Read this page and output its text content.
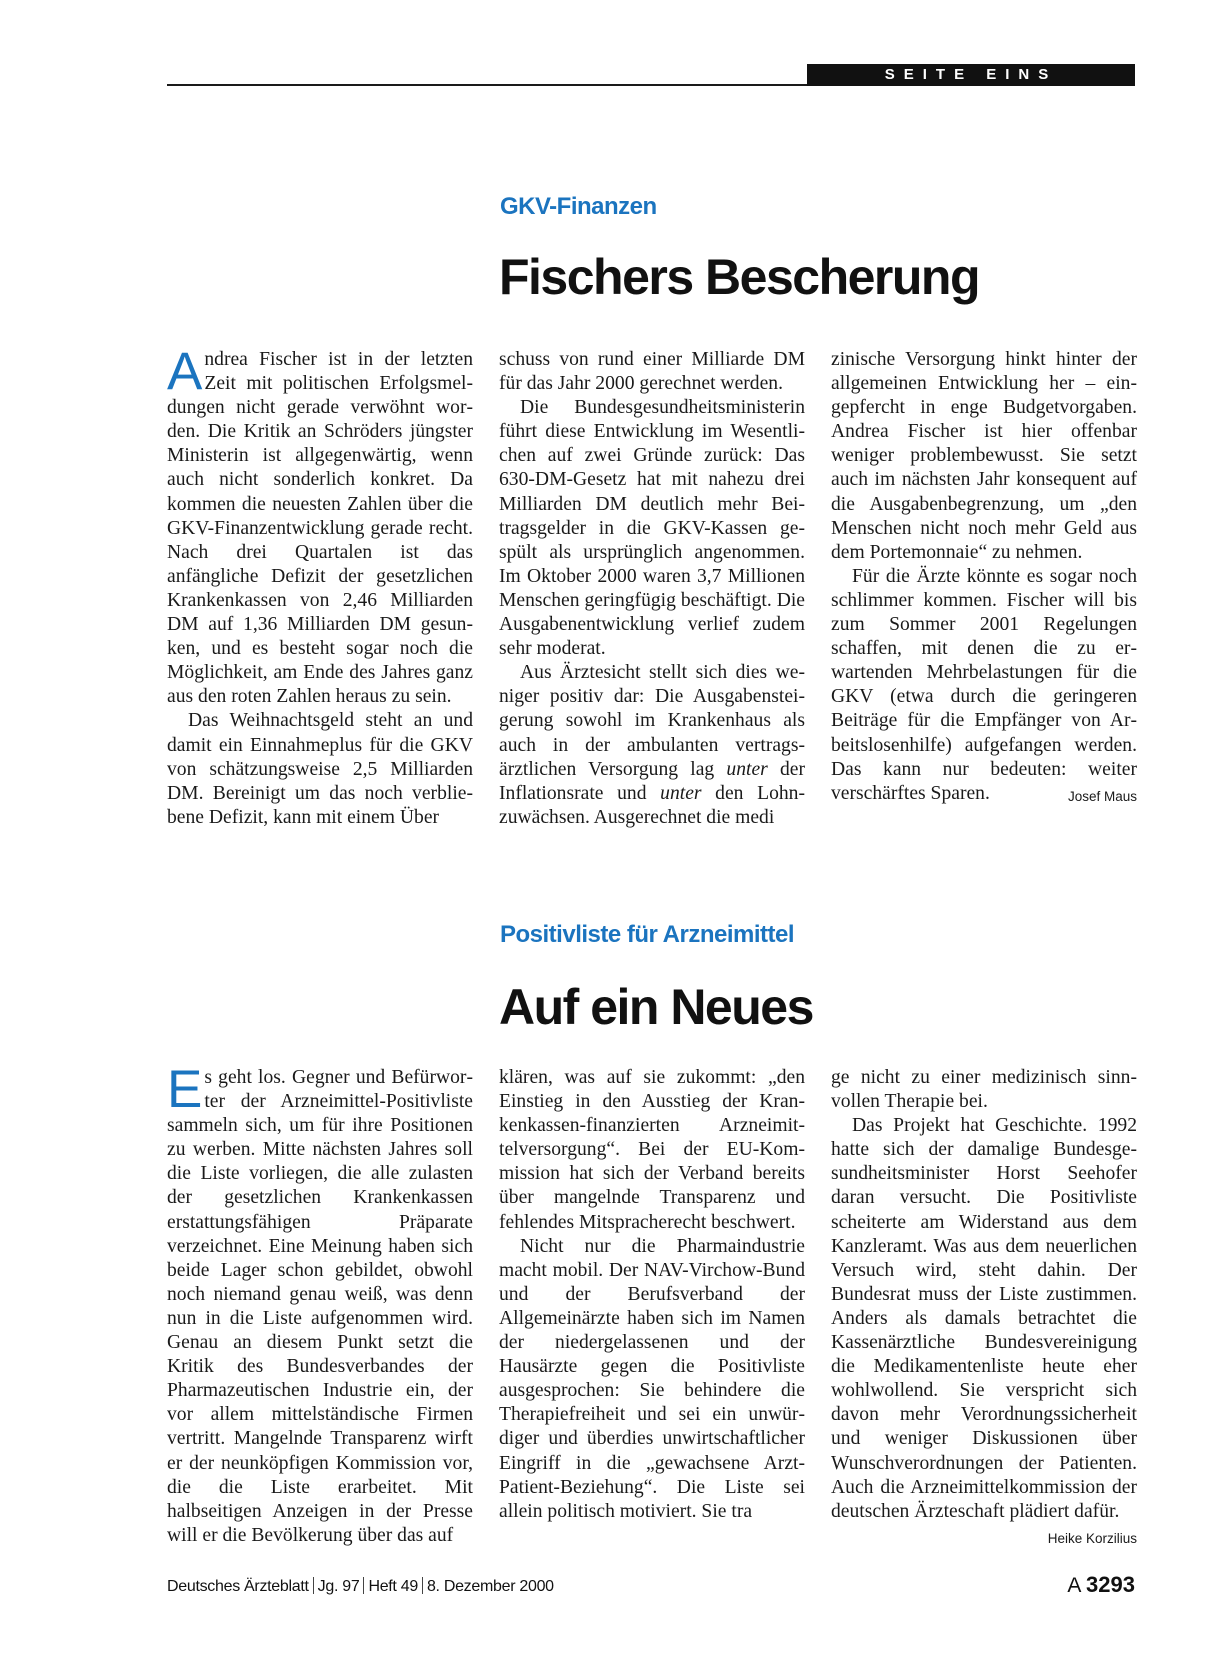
SEITE EINS
GKV-Finanzen
Fischers Bescherung

Andrea Fischer ist in der letzten Zeit mit politischen Erfolgsmeldungen nicht gerade verwöhnt worden. Die Kritik an Schröders jüngster Ministerin ist allgegenwärtig, wenn auch nicht sonderlich konkret. Da kommen die neuesten Zahlen über die GKV-Finanzentwicklung gerade recht. Nach drei Quartalen ist das anfängliche Defizit der gesetzlichen Krankenkassen von 2,46 Milliarden DM auf 1,36 Milliarden DM gesunken, und es besteht sogar noch die Möglichkeit, am Ende des Jahres ganz aus den roten Zahlen heraus zu sein.

Das Weihnachtsgeld steht an und damit ein Einnahmeplus für die GKV von schätzungsweise 2,5 Milliarden DM. Bereinigt um das noch verbliebene Defizit, kann mit einem Über

schuss von rund einer Milliarde DM für das Jahr 2000 gerechnet werden.

Die Bundesgesundheitsministerin führt diese Entwicklung im Wesentlichen auf zwei Gründe zurück: Das 630-DM-Gesetz hat mit nahezu drei Milliarden DM deutlich mehr Beitragsgelder in die GKV-Kassen gespült als ursprünglich angenommen. Im Oktober 2000 waren 3,7 Millionen Menschen geringfügig beschäftigt. Die Ausgabenentwicklung verlief zudem sehr moderat.

Aus Ärztesicht stellt sich dies weniger positiv dar: Die Ausgabensteigerung sowohl im Krankenhaus als auch in der ambulanten vertragsärztlichen Versorgung lag unter der Inflationsrate und unter den Lohnzuwächsen. Ausgerechnet die medi

zinische Versorgung hinkt hinter der allgemeinen Entwicklung her – eingepfercht in enge Budgetvorgaben. Andrea Fischer ist hier offenbar weniger problembewusst. Sie setzt auch im nächsten Jahr konsequent auf die Ausgabenbegrenzung, um „den Menschen nicht noch mehr Geld aus dem Portemonnaie“ zu nehmen.

Für die Ärzte könnte es sogar noch schlimmer kommen. Fischer will bis zum Sommer 2001 Regelungen schaffen, mit denen die zu erwartenden Mehrbelastungen für die GKV (etwa durch die geringeren Beiträge für die Empfänger von Arbeitslosenhilfe) aufgefangen werden. Das kann nur bedeuten: weiter verschärftes Sparen.	Josef Maus

Positivliste für Arzneimittel
Auf ein Neues

Es geht los. Gegner und Befürworter der Arzneimittel-Positivliste sammeln sich, um für ihre Positionen zu werben. Mitte nächsten Jahres soll die Liste vorliegen, die alle zulasten der gesetzlichen Krankenkassen erstattungsfähigen Präparate verzeichnet. Eine Meinung haben sich beide Lager schon gebildet, obwohl noch niemand genau weiß, was denn nun in die Liste aufgenommen wird. Genau an diesem Punkt setzt die Kritik des Bundesverbandes der Pharmazeutischen Industrie ein, der vor allem mittelständische Firmen vertritt. Mangelnde Transparenz wirft er der neunköpfigen Kommission vor, die die Liste erarbeitet. Mit halbseitigen Anzeigen in der Presse will er die Bevölkerung über das auf

klären, was auf sie zukommt: „den Einstieg in den Ausstieg der Krankenkassen-finanzierten Arzneimittelversorgung“. Bei der EU-Kommission hat sich der Verband bereits über mangelnde Transparenz und fehlendes Mitspracherecht beschwert.

Nicht nur die Pharmaindustrie macht mobil. Der NAV-Virchow-Bund und der Berufsverband der Allgemeinärzte haben sich im Namen der niedergelassenen und der Hausärzte gegen die Positivliste ausgesprochen: Sie behindere die Therapiefreiheit und sei ein unwürdiger und überdies unwirtschaftlicher Eingriff in die „gewachsene Arzt-Patient-Beziehung“. Die Liste sei allein politisch motiviert. Sie tra

ge nicht zu einer medizinisch sinnvollen Therapie bei.

Das Projekt hat Geschichte. 1992 hatte sich der damalige Bundesgesundheitsminister Horst Seehofer daran versucht. Die Positivliste scheiterte am Widerstand aus dem Kanzleramt. Was aus dem neuerlichen Versuch wird, steht dahin. Der Bundesrat muss der Liste zustimmen. Anders als damals betrachtet die Kassenärztliche Bundesvereinigung die Medikamentenliste heute eher wohlwollend. Sie verspricht sich davon mehr Verordnungssicherheit und weniger Diskussionen über Wunschverordnungen der Patienten. Auch die Arzneimittelkommission der deutschen Ärzteschaft plädiert dafür.
Heike Korzilius

Deutsches Ärzteblatt Jg. 97 Heft 49 8. Dezember 2000	A 3293
